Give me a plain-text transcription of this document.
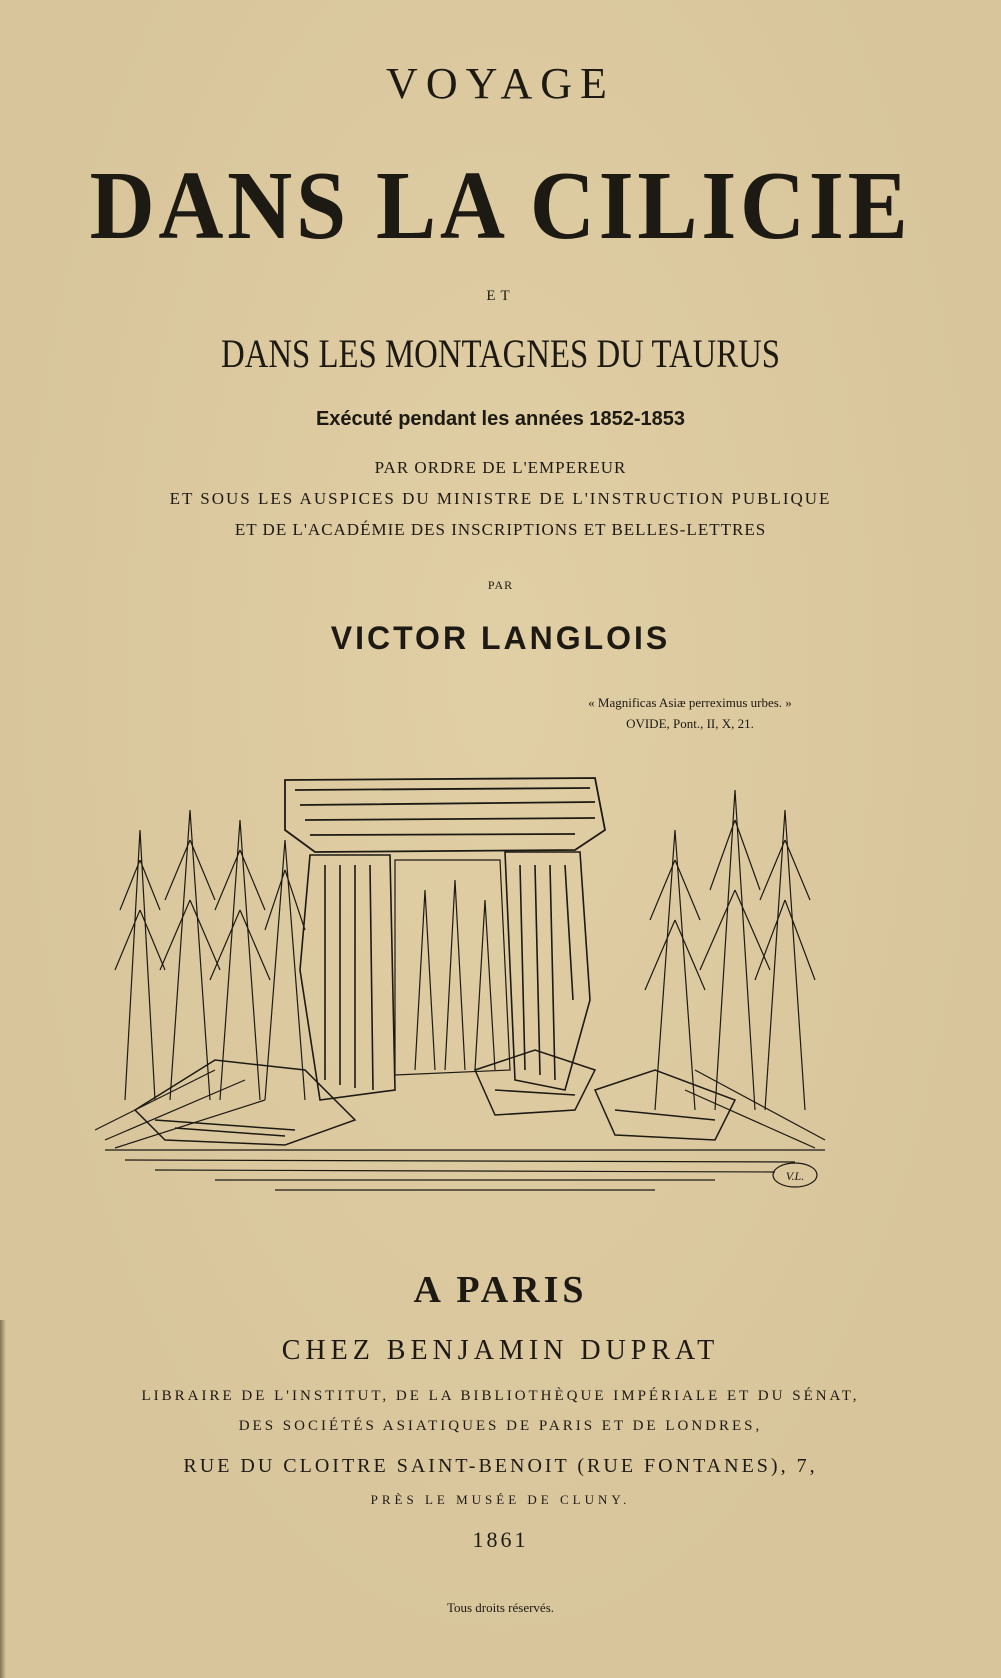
VOYAGE
DANS LA CILICIE
ET
DANS LES MONTAGNES DU TAURUS
Exécuté pendant les années 1852-1853
PAR ORDRE DE L'EMPEREUR
ET SOUS LES AUSPICES DU MINISTRE DE L'INSTRUCTION PUBLIQUE
ET DE L'ACADÉMIE DES INSCRIPTIONS ET BELLES-LETTRES
PAR
VICTOR LANGLOIS
« Magnificas Asiæ perreximus urbes. »
OVIDE, Pont., II, X, 21.
V.L.
A PARIS
CHEZ BENJAMIN DUPRAT
LIBRAIRE DE L'INSTITUT, DE LA BIBLIOTHÈQUE IMPÉRIALE ET DU SÉNAT,
DES SOCIÉTÉS ASIATIQUES DE PARIS ET DE LONDRES,
RUE DU CLOITRE SAINT-BENOIT (RUE FONTANES), 7,
PRÈS LE MUSÉE DE CLUNY.
1861
Tous droits réservés.
